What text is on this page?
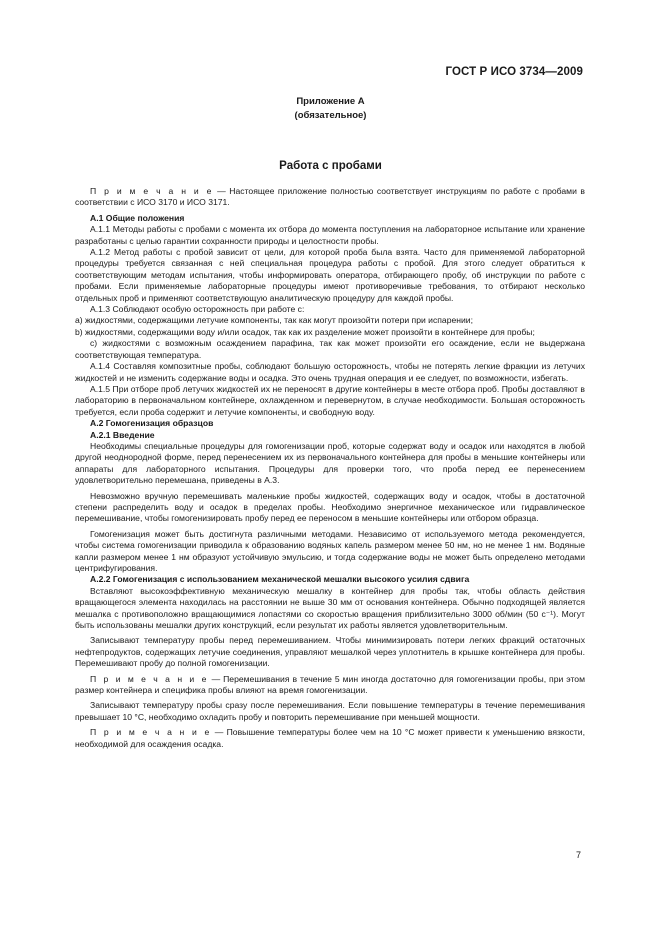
ГОСТ Р ИСО 3734—2009
Приложение А
(обязательное)
Работа с пробами

П р и м е ч а н и е — Настоящее приложение полностью соответствует инструкциям по работе с пробами в соответствии с ИСО 3170 и ИСО 3171.

А.1 Общие положения

А.1.1 Методы работы с пробами с момента их отбора до момента поступления на лабораторное испытание или хранение разработаны с целью гарантии сохранности природы и целостности пробы.

А.1.2 Метод работы с пробой зависит от цели, для которой проба была взята. Часто для применяемой лабораторной процедуры требуется связанная с ней специальная процедура работы с пробой. Для этого следует обратиться к соответствующим методам испытания, чтобы информировать оператора, отбирающего пробу, об инструкции по работе с пробами. Если применяемые лабораторные процедуры имеют противоречивые требования, то отбирают несколько отдельных проб и применяют соответствующую аналитическую процедуру для каждой пробы.

А.1.3 Соблюдают особую осторожность при работе с:

a) жидкостями, содержащими летучие компоненты, так как могут произойти потери при испарении;

b) жидкостями, содержащими воду и/или осадок, так как их разделение может произойти в контейнере для пробы;

c) жидкостями с возможным осаждением парафина, так как может произойти его осаждение, если не выдержана соответствующая температура.

А.1.4 Составляя композитные пробы, соблюдают большую осторожность, чтобы не потерять легкие фракции из летучих жидкостей и не изменить содержание воды и осадка. Это очень трудная операция и ее следует, по возможности, избегать.

А.1.5 При отборе проб летучих жидкостей их не переносят в другие контейнеры в месте отбора проб. Пробы доставляют в лабораторию в первоначальном контейнере, охлажденном и перевернутом, в случае необходимости. Большая осторожность требуется, если проба содержит и летучие компоненты, и свободную воду.

А.2 Гомогенизация образцов

А.2.1 Введение

Необходимы специальные процедуры для гомогенизации проб, которые содержат воду и осадок или находятся в любой другой неоднородной форме, перед перенесением их из первоначального контейнера для пробы в меньшие контейнеры или аппараты для лабораторного испытания. Процедуры для проверки того, что проба перед ее перенесением удовлетворительно перемешана, приведены в А.3.

Невозможно вручную перемешивать маленькие пробы жидкостей, содержащих воду и осадок, чтобы в достаточной степени распределить воду и осадок в пределах пробы. Необходимо энергичное механическое или гидравлическое перемешивание, чтобы гомогенизировать пробу перед ее переносом в меньшие контейнеры или отбором образца.

Гомогенизация может быть достигнута различными методами. Независимо от используемого метода рекомендуется, чтобы система гомогенизации приводила к образованию водяных капель размером менее 50 нм, но не менее 1 нм. Водяные капли размером менее 1 нм образуют устойчивую эмульсию, и тогда содержание воды не может быть определено методами центрифугирования.

А.2.2 Гомогенизация с использованием механической мешалки высокого усилия сдвига

Вставляют высокоэффективную механическую мешалку в контейнер для пробы так, чтобы область действия вращающегося элемента находилась на расстоянии не выше 30 мм от основания контейнера. Обычно подходящей является мешалка с противоположно вращающимися лопастями со скоростью вращения приблизительно 3000 об/мин (50 с⁻¹). Могут быть использованы мешалки других конструкций, если результат их работы является удовлетворительным.

Записывают температуру пробы перед перемешиванием. Чтобы минимизировать потери легких фракций остаточных нефтепродуктов, содержащих летучие соединения, управляют мешалкой через уплотнитель в крышке контейнера для пробы. Перемешивают пробу до полной гомогенизации.

П р и м е ч а н и е — Перемешивания в течение 5 мин иногда достаточно для гомогенизации пробы, при этом размер контейнера и специфика пробы влияют на время гомогенизации.

Записывают температуру пробы сразу после перемешивания. Если повышение температуры в течение перемешивания превышает 10 °С, необходимо охладить пробу и повторить перемешивание при меньшей мощности.

П р и м е ч а н и е — Повышение температуры более чем на 10 °С может привести к уменьшению вязкости, необходимой для осаждения осадка.

7
